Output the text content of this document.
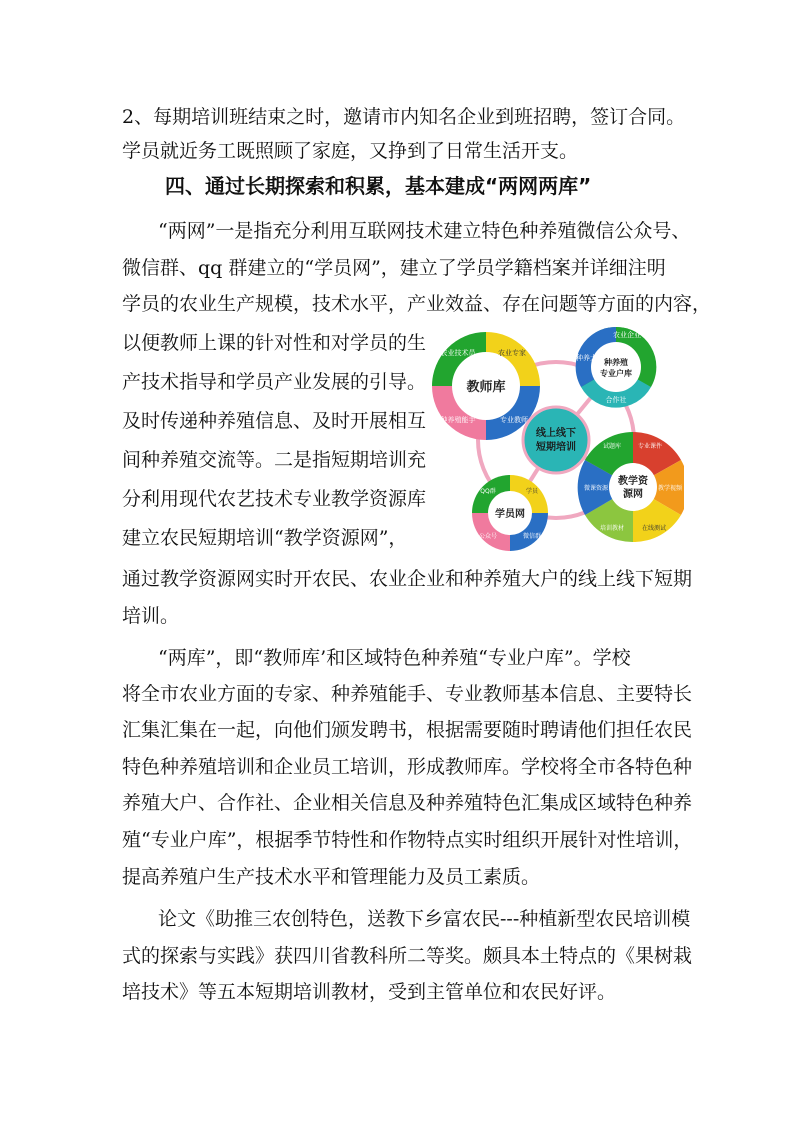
2、每期培训班结束之时，邀请市内知名企业到班招聘，签订合同。
学员就近务工既照顾了家庭，又挣到了日常生活开支。
四、通过长期探索和积累，基本建成“两网两库”
“两网”一是指充分利用互联网技术建立特色种养殖微信公众号、
微信群、qq 群建立的“学员网”，建立了学员学籍档案并详细注明
学员的农业生产规模，技术水平，产业效益、存在问题等方面的内容，
以便教师上课的针对性和对学员的生
产技术指导和学员产业发展的引导。
及时传递种养殖信息、及时开展相互
间种养殖交流等。二是指短期培训充
分利用现代农艺技术专业教学资源库
建立农民短期培训“教学资源网”，
通过教学资源网实时开农民、农业企业和种养殖大户的线上线下短期
培训。
“两库”，即“教师库’和区域特色种养殖“专业户库”。学校
将全市农业方面的专家、种养殖能手、专业教师基本信息、主要特长
汇集汇集在一起，向他们颁发聘书，根据需要随时聘请他们担任农民
特色种养殖培训和企业员工培训，形成教师库。学校将全市各特色种
养殖大户、合作社、企业相关信息及种养殖特色汇集成区域特色种养
殖“专业户库”，根据季节特性和作物特点实时组织开展针对性培训，
提高养殖户生产技术水平和管理能力及员工素质。
论文《助推三农创特色，送教下乡富农民---种植新型农民培训模
式的探索与实践》获四川省教科所二等奖。颇具本土特点的《果树栽
培技术》等五本短期培训教材，受到主管单位和农民好评。
教师库
农业专家
专业教师
种养殖能手
农业技术员
种养殖
专业户库
农业企业
合作社
种养大户
教学资
源网
专业课件
教学视频
在线测试
培训教材
微课资源
试题库
学员网
学员
微信群
公众号
QQ群
线上线下
短期培训
